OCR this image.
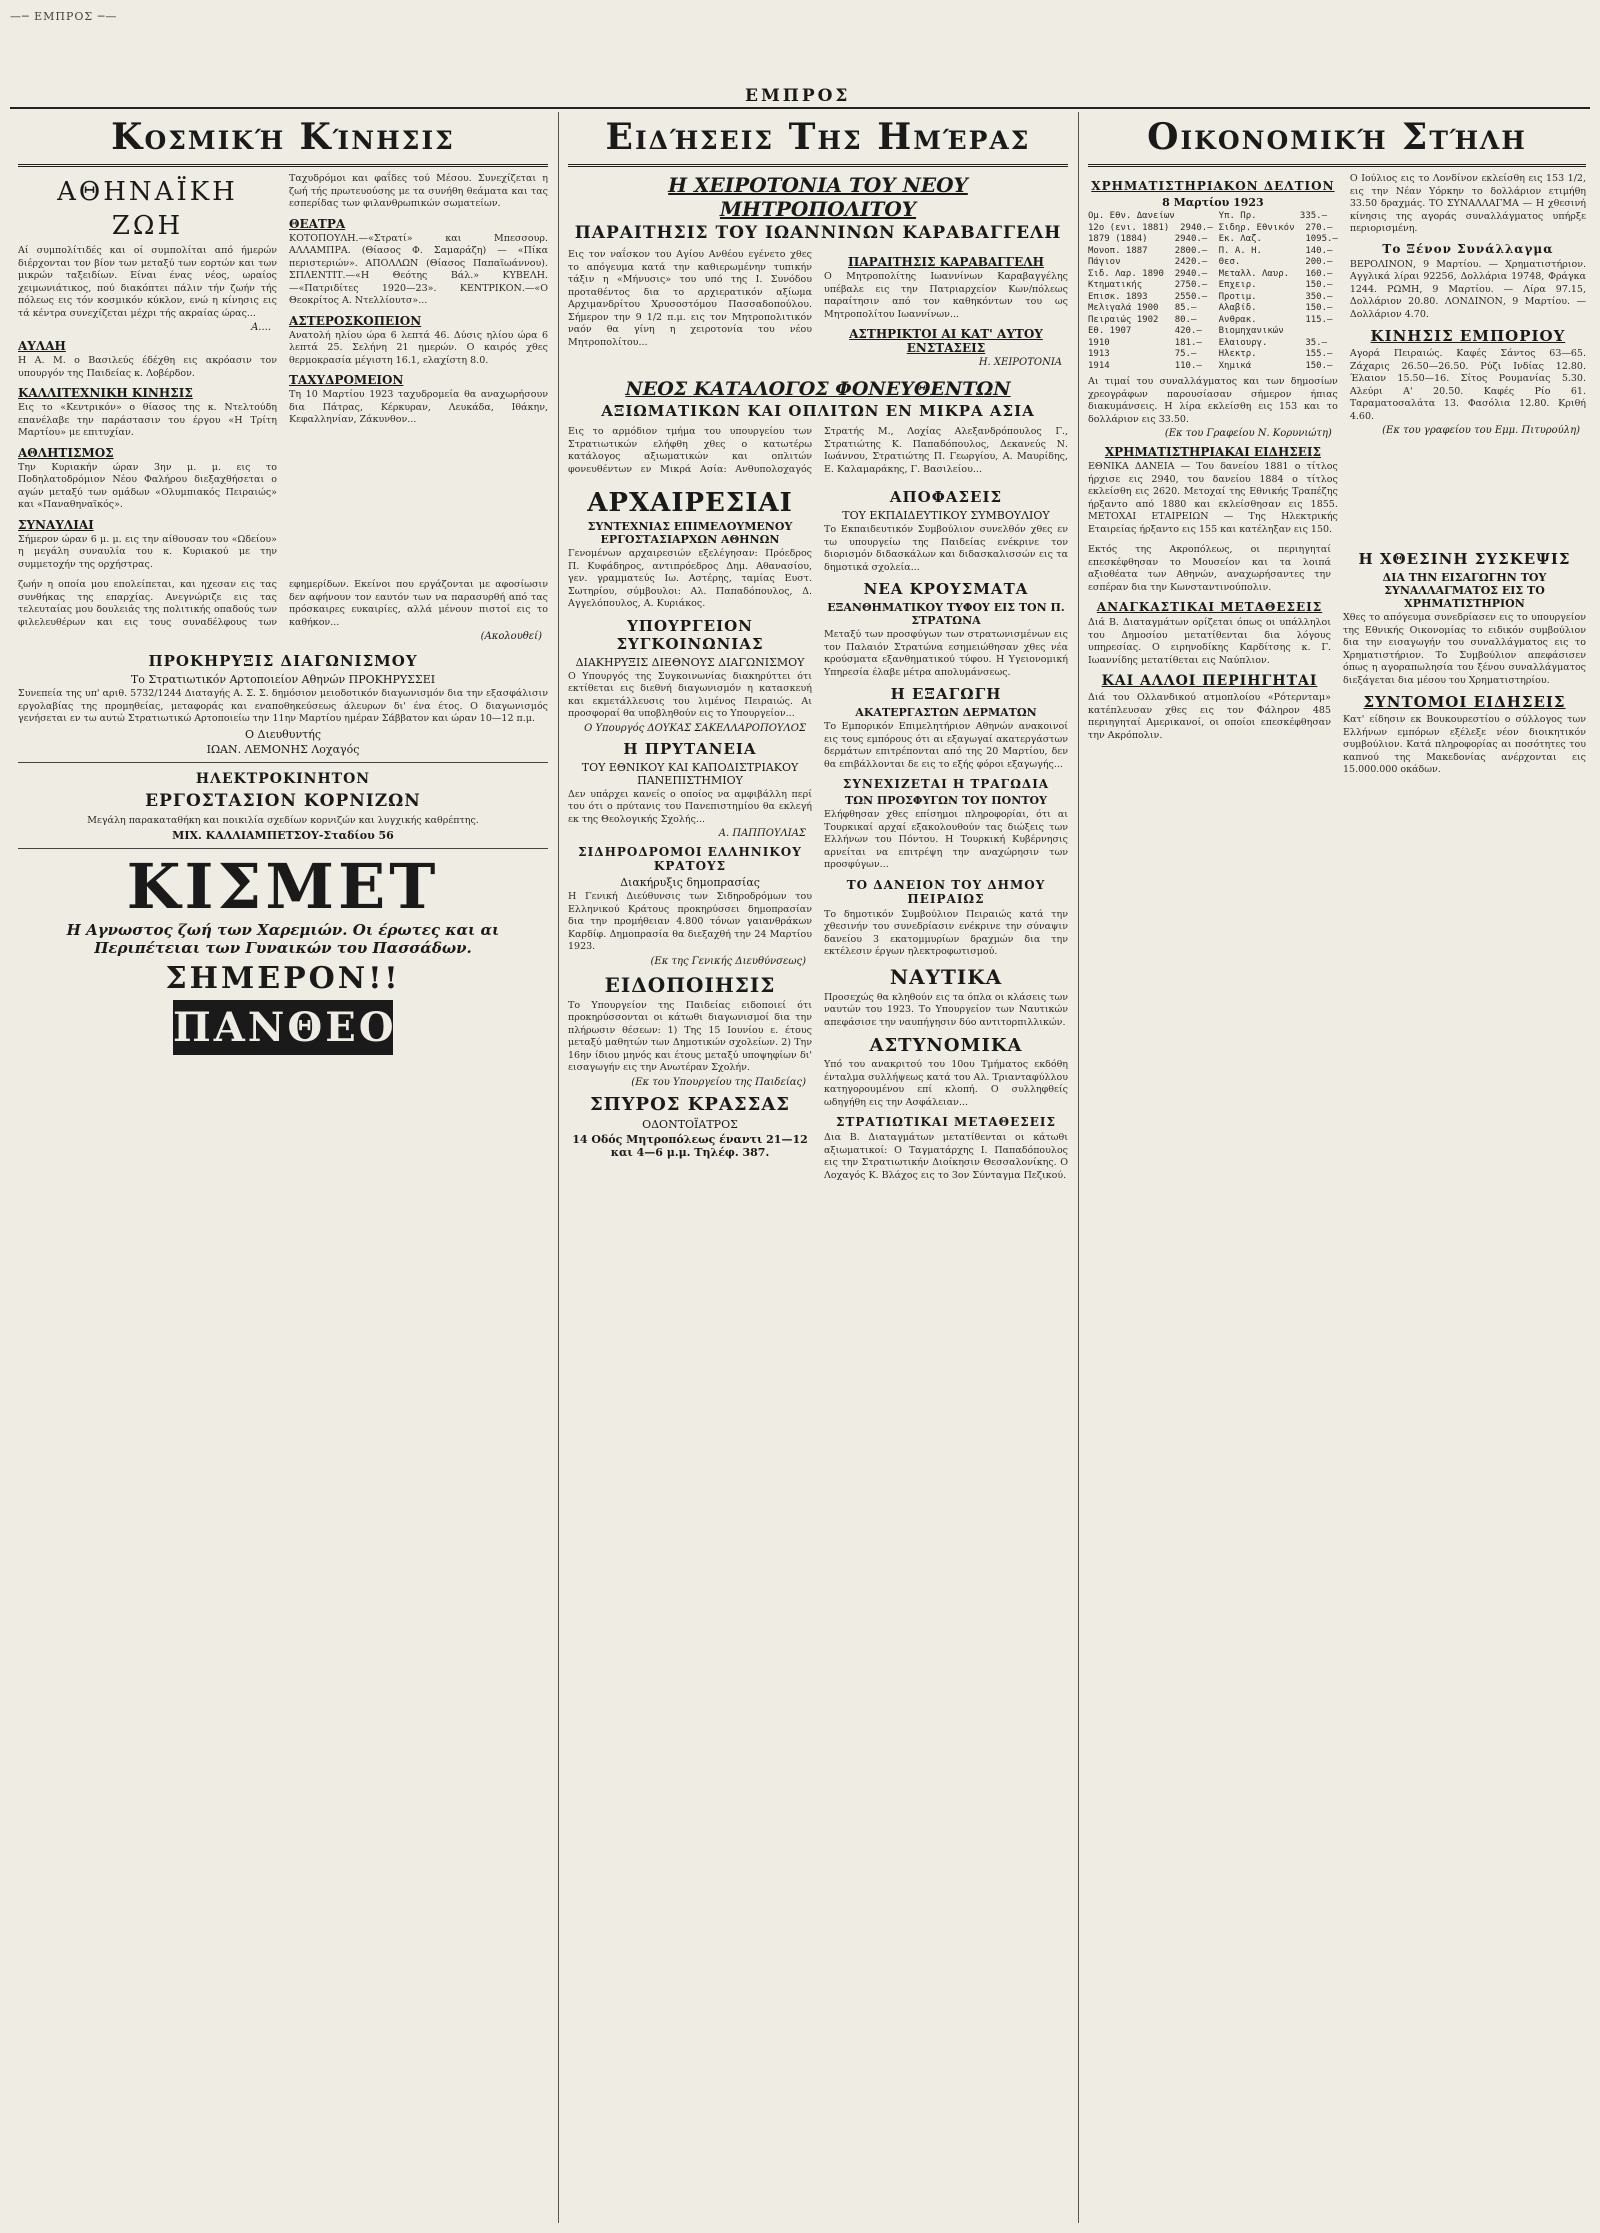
—─ ΕΜΠΡΟΣ ─—
ΕΜΠΡΟΣ
Κοσμική Κίνησις
ΑΘΗΝΑΪΚΗ
ΖΩΗ

Αί συμπολίτιδές και οί συμπολίται από ήμερών διέρχονται τον βίον των μεταξύ των εορτών και των μικρών ταξειδίων. Είναι ένας νέος, ωραίος χειμωνιάτικος, πού διακόπτει πάλιν τήν ζωήν τής πόλεως εις τόν κοσμικόν κύκλον, ενώ η κίνησις εις τά κέντρα συνεχίζεται μέχρι τής ακραίας ώρας...

Α....
ΑΥΛΑΗ

Η Α. Μ. ο Βασιλεύς έδέχθη εις ακρόασιν τον υπουργόν της Παιδείας κ. Λοβέρδον.

ΚΑΛΛΙΤΕΧΝΙΚΗ ΚΙΝΗΣΙΣ

Εις το «Κεντρικόν» ο θίασος της κ. Ντελτούδη επανέλαβε την παράστασιν του έργου «Η Τρίτη Μαρτίου» με επιτυχίαν.

ΑΘΛΗΤΙΣΜΟΣ

Την Κυριακήν ώραν 3ην μ. μ. εις το Ποδηλατοδρόμιον Νέου Φαλήρου διεξαχθήσεται ο αγών μεταξύ των ομάδων «Ολυμπιακός Πειραιώς» και «Παναθηναϊκός».

ΣΥΝΑΥΛΙΑΙ

Σήμερον ώραν 6 μ. μ. εις την αίθουσαν του «Ωδείου» η μεγάλη συναυλία του κ. Κυριακού με την συμμετοχήν της ορχήστρας.

Ταχυδρόμοι και φαΐδες τού Μέσου. Συνεχίζεται η ζωή τής πρωτευούσης με τα συνήθη θεάματα και τας εσπερίδας των φιλανθρωπικών σωματείων.

ΘΕΑΤΡΑ

ΚΟΤΟΠΟΥΛΗ.—«Στρατί» και Μπεσσουρ. ΑΛΛΑΜΠΡΑ. (Θίασος Φ. Σαμαράζη) — «Πίκα περιστεριών». ΑΠΟΛΛΩΝ (Θίασος Παπαϊωάννου). ΣΠΛΕΝΤΙΤ.—«Η Θεότης Βάλ.» ΚΥΒΕΛΗ.—«Πατριδίτες 1920—23». ΚΕΝΤΡΙΚΟΝ.—«Ο Θεοκρίτος Α. Ντελλίουτσ»...

ΑΣΤΕΡΟΣΚΟΠΕΙΟΝ

Ανατολή ηλίου ώρα 6 λεπτά 46. Δύσις ηλίου ώρα 6 λεπτά 25. Σελήνη 21 ημερών. Ο καιρός χθες θερμοκρασία μέγιστη 16.1, ελαχίστη 8.0.

ΤΑΧΥΔΡΟΜΕΙΟΝ

Τη 10 Μαρτίου 1923 ταχυδρομεία θα αναχωρήσουν δια Πάτρας, Κέρκυραν, Λευκάδα, Ιθάκην, Κεφαλληνίαν, Ζάκυνθον...

ζωήν η οποία μου επολείπεται, και ηχεσαν εις τας συνθήκας της επαρχίας. Ανεγνώριζε εις τας τελευταίας μου δουλειάς της πολιτικής οπαδούς των φιλελευθέρων και εις τους συναδέλφους των εφημερίδων. Εκείνοι που εργάζονται με αφοσίωσιν δεν αφήνουν τον εαυτόν των να παρασυρθή από τας πρόσκαιρες ευκαιρίες, αλλά μένουν πιστοί εις το καθήκον...

(Ακολουθεί)
ΠΡΟΚΗΡΥΞΙΣ ΔΙΑΓΩΝΙΣΜΟΥ
Το Στρατιωτικόν Αρτοποιείον Αθηνών ΠΡΟΚΗΡΥΣΣΕΙ

Συνεπεία της υπ' αριθ. 5732/1244 Διαταγής Α. Σ. Σ. δημόσιον μειοδοτικόν διαγωνισμόν δια την εξασφάλισιν εργολαβίας της προμηθείας, μεταφοράς και εναποθηκεύσεως άλευρων δι' ένα έτος. Ο διαγωνισμός γενήσεται εν τω αυτώ Στρατιωτικώ Αρτοποιείω την 11ην Μαρτίου ημέραν Σάββατον και ώραν 10—12 π.μ.

Ο Διευθυντής
ΙΩΑΝ. ΛΕΜΟΝΗΣ Λοχαγός
ΗΛΕΚΤΡΟΚΙΝΗΤΟΝ
ΕΡΓΟΣΤΑΣΙΟΝ ΚΟΡΝΙΖΩΝ

Μεγάλη παρακαταθήκη και ποικιλία σχεδίων κορνιζών και λυγχικής καθρέπτης.

ΜΙΧ. ΚΑΛΛΙΑΜΠΕΤΣΟΥ-Σταδίου 56
ΚΙΣΜΕΤ
Η Αγνωστος ζωή των Χαρεμιών. Οι έρωτες και αι Περιπέτειαι των Γυναικών του Πασσάδων.
ΣΗΜΕΡΟΝ!!
ΠΑΝΘΕΟΝ
Ειδήσεις Της Ημέρας
Η ΧΕΙΡΟΤΟΝΙΑ ΤΟΥ ΝΕΟΥ ΜΗΤΡΟΠΟΛΙΤΟΥ
ΠΑΡΑΙΤΗΣΙΣ ΤΟΥ ΙΩΑΝΝΙΝΩΝ ΚΑΡΑΒΑΓΓΕΛΗ

Εις τον ναΐσκον του Αγίου Ανθέου εγένετο χθες το απόγευμα κατά την καθιερωμένην τυπικήν τάξιν η «Μήνυσις» του υπό της Ι. Συνόδου προταθέντος δια το αρχιερατικόν αξίωμα Αρχιμανδρίτου Χρυσοστόμου Πασσαδοπούλου. Σήμερον την 9 1/2 π.μ. εις τον Μητροπολιτικόν ναόν θα γίνη η χειροτονία του νέου Μητροπολίτου...

ΠΑΡΑΙΤΗΣΙΣ ΚΑΡΑΒΑΓΓΕΛΗ

Ο Μητροπολίτης Ιωαννίνων Καραβαγγέλης υπέβαλε εις την Πατριαρχείον Κων/πόλεως παραίτησιν από τον καθηκόντων του ως Μητροπολίτου Ιωαννίνων...

ΑΣΤΗΡΙΚΤΟΙ ΑΙ ΚΑΤ' ΑΥΤΟΥ ΕΝΣΤΑΣΕΙΣ
Η. ΧΕΙΡΟΤΟΝΙΑ
ΝΕΟΣ ΚΑΤΑΛΟΓΟΣ ΦΟΝΕΥΘΕΝΤΩΝ
ΑΞΙΩΜΑΤΙΚΩΝ ΚΑΙ ΟΠΛΙΤΩΝ ΕΝ ΜΙΚΡΑ ΑΣΙΑ

Εις το αρμόδιον τμήμα του υπουργείου των Στρατιωτικών ελήφθη χθες ο κατωτέρω κατάλογος αξιωματικών και οπλιτών φονευθέντων εν Μικρά Ασία: Ανθυπολοχαγός Στρατής Μ., Λοχίας Αλεξανδρόπουλος Γ., Στρατιώτης Κ. Παπαδόπουλος, Δεκανεύς Ν. Ιωάννου, Στρατιώτης Π. Γεωργίου, Α. Μαυρίδης, Ε. Καλαμαράκης, Γ. Βασιλείου...

ΑΡΧΑΙΡΕΣΙΑΙ
ΣΥΝΤΕΧΝΙΑΣ ΕΠΙΜΕΛΟΥΜΕΝΟΥ ΕΡΓΟΣΤΑΣΙΑΡΧΩΝ ΑΘΗΝΩΝ

Γενομένων αρχαιρεσιών εξελέγησαν: Πρόεδρος Π. Κυφάδηρος, αντιπρόεδρος Δημ. Αθανασίου, γεν. γραμματεύς Ιω. Αστέρης, ταμίας Ευστ. Σωτηρίου, σύμβουλοι: Αλ. Παπαδόπουλος, Δ. Αγγελόπουλος, Α. Κυριάκος.

ΥΠΟΥΡΓΕΙΟΝ ΣΥΓΚΟΙΝΩΝΙΑΣ
ΔΙΑΚΗΡΥΞΙΣ ΔΙΕΘΝΟΥΣ ΔΙΑΓΩΝΙΣΜΟΥ

Ο Υπουργός της Συγκοινωνίας διακηρύττει ότι εκτίθεται εις διεθνή διαγωνισμόν η κατασκευή και εκμετάλλευσις του λιμένος Πειραιώς. Αι προσφοραί θα υποβληθούν εις το Υπουργείον...

Ο Υπουργός ΔΟΥΚΑΣ ΣΑΚΕΛΛΑΡΟΠΟΥΛΟΣ
Η ΠΡΥΤΑΝΕΙΑ
ΤΟΥ ΕΘΝΙΚΟΥ ΚΑΙ ΚΑΠΟΔΙΣΤΡΙΑΚΟΥ ΠΑΝΕΠΙΣΤΗΜΙΟΥ

Δεν υπάρχει κανείς ο οποίος να αμφιβάλλη περί του ότι ο πρύτανις του Πανεπιστημίου θα εκλεγή εκ της Θεολογικής Σχολής...

Α. ΠΑΠΠΟΥΛΙΑΣ
ΣΙΔΗΡΟΔΡΟΜΟΙ ΕΛΛΗΝΙΚΟΥ ΚΡΑΤΟΥΣ
Διακήρυξις δημοπρασίας

Η Γενική Διεύθυνσις των Σιδηροδρόμων του Ελληνικού Κράτους προκηρύσσει δημοπρασίαν δια την προμήθειαν 4.800 τόνων γαιανθράκων Καρδίφ. Δημοπρασία θα διεξαχθή την 24 Μαρτίου 1923.

(Εκ της Γενικής Διευθύνσεως)
ΕΙΔΟΠΟΙΗΣΙΣ

Το Υπουργείον της Παιδείας ειδοποιεί ότι προκηρύσσονται οι κάτωθι διαγωνισμοί δια την πλήρωσιν θέσεων: 1) Της 15 Ιουνίου ε. έτους μεταξύ μαθητών των Δημοτικών σχολείων. 2) Την 16ην ίδιου μηνός και έτους μεταξύ υποψηφίων δι' εισαγωγήν εις την Ανωτέραν Σχολήν.

(Εκ του Υπουργείου της Παιδείας)
ΣΠΥΡΟΣ ΚΡΑΣΣΑΣ
ΟΔΟΝΤΟΪΑΤΡΟΣ
14 Οδός Μητροπόλεως έναντι 21—12 και 4—6 μ.μ. Τηλέφ. 387.
ΑΠΟΦΑΣΕΙΣ
ΤΟΥ ΕΚΠΑΙΔΕΥΤΙΚΟΥ ΣΥΜΒΟΥΛΙΟΥ

Το Εκπαιδευτικόν Συμβούλιον συνελθόν χθες εν τω υπουργείω της Παιδείας ενέκρινε τον διορισμόν διδασκάλων και διδασκαλισσών εις τα δημοτικά σχολεία...

ΝΕΑ ΚΡΟΥΣΜΑΤΑ
ΕΞΑΝΘΗΜΑΤΙΚΟΥ ΤΥΦΟΥ ΕΙΣ ΤΟΝ Π. ΣΤΡΑΤΩΝΑ

Μεταξύ των προσφύγων των στρατωνισμένων εις τον Παλαιόν Στρατώνα εσημειώθησαν χθες νέα κρούσματα εξανθηματικού τύφου. Η Υγειονομική Υπηρεσία έλαβε μέτρα απολυμάνσεως.

Η ΕΞΑΓΩΓΗ
ΑΚΑΤΕΡΓΑΣΤΩΝ ΔΕΡΜΑΤΩΝ

Το Εμπορικόν Επιμελητήριον Αθηνών ανακοινοί εις τους εμπόρους ότι αι εξαγωγαί ακατεργάστων δερμάτων επιτρέπονται από της 20 Μαρτίου, δεν θα επιβάλλονται δε εις το εξής φόροι εξαγωγής...

ΣΥΝΕΧΙΖΕΤΑΙ Η ΤΡΑΓΩΔΙΑ
ΤΩΝ ΠΡΟΣΦΥΓΩΝ ΤΟΥ ΠΟΝΤΟΥ

Ελήφθησαν χθες επίσημοι πληροφορίαι, ότι αι Τουρκικαί αρχαί εξακολουθούν τας διώξεις των Ελλήνων του Πόντου. Η Τουρκική Κυβέρνησις αρνείται να επιτρέψη την αναχώρησιν των προσφύγων...

ΤΟ ΔΑΝΕΙΟΝ ΤΟΥ ΔΗΜΟΥ ΠΕΙΡΑΙΩΣ

Το δημοτικόν Συμβούλιον Πειραιώς κατά την χθεσινήν του συνεδρίασιν ενέκρινε την σύναψιν δανείου 3 εκατομμυρίων δραχμών δια την εκτέλεσιν έργων ηλεκτροφωτισμού.

ΝΑΥΤΙΚΑ

Προσεχώς θα κληθούν εις τα όπλα οι κλάσεις των ναυτών του 1923. Το Υπουργείον των Ναυτικών απεφάσισε την ναυπήγησιν δύο αντιτορπιλλικών.

ΑΣΤΥΝΟΜΙΚΑ

Υπό του ανακριτού του 10ου Τμήματος εκδόθη ένταλμα συλλήψεως κατά του Αλ. Τριανταφύλλου κατηγορουμένου επί κλοπή. Ο συλληφθείς ωδηγήθη εις την Ασφάλειαν...

ΣΤΡΑΤΙΩΤΙΚΑΙ ΜΕΤΑΘΕΣΕΙΣ

Δια Β. Διαταγμάτων μετατίθενται οι κάτωθι αξιωματικοί: Ο Ταγματάρχης Ι. Παπαδόπουλος εις την Στρατιωτικήν Διοίκησιν Θεσσαλονίκης. Ο Λοχαγός Κ. Βλάχος εις το 3ον Σύνταγμα Πεζικού.

Οικονομική Στήλη
ΧΡΗΜΑΤΙΣΤΗΡΙΑΚΟΝ ΔΕΛΤΙΟΝ
8 Μαρτίου 1923
Ομ. Εθν. Δανείων
12ο (ενι. 1881)  2940.—
1879 (1884)     2940.—
Μονοπ. 1887     2800.—
Πάγιον          2420.—
Σιδ. Λαρ. 1890  2940.—
Κτηματικής      2750.—
Επισκ. 1893     2550.—
Μελιγαλά 1900   85.—
Πειραιώς 1902   80.—
Εθ. 1907        420.—
1910            181.—
1913            75.—
1914            110.—
Υπ. Πρ.        335.—
Σιδηρ. Εθνικόν  270.—
Εκ. Λαζ.        1095.—
Π. Α. Η.        140.—
Θεσ.            200.—
Μεταλλ. Λαυρ.   160.—
Επχειρ.         150.—
Προτιμ.         350.—
Αλαβίδ.         150.—
Ανθρακ.         115.—
Βιομηχανικών
Ελαιουργ.       35.—
Ηλεκτρ.         155.—
Χημικά          150.—

Αι τιμαί του συναλλάγματος και των δημοσίων χρεογράφων παρουσίασαν σήμερον ήπιας διακυμάνσεις. Η λίρα εκλείσθη εις 153 και το δολλάριον εις 33.50.

(Εκ του Γραφείου Ν. Κορυνιώτη)
ΧΡΗΜΑΤΙΣΤΗΡΙΑΚΑΙ ΕΙΔΗΣΕΙΣ

ΕΘΝΙΚΑ ΔΑΝΕΙΑ — Του δανείου 1881 ο τίτλος ήρχισε εις 2940, του δανείου 1884 ο τίτλος εκλείσθη εις 2620. Μετοχαί της Εθνικής Τραπέζης ήρξαντο από 1880 και εκλείσθησαν εις 1855. ΜΕΤΟΧΑΙ ΕΤΑΙΡΕΙΩΝ — Της Ηλεκτρικής Εταιρείας ήρξαντο εις 155 και κατέληξαν εις 150.

Ο Ιούλιος εις το Λονδίνον εκλείσθη εις 153 1/2, εις την Νέαν Υόρκην το δολλάριον ετιμήθη 33.50 δραχμάς. ΤΟ ΣΥΝΑΛΛΑΓΜΑ — Η χθεσινή κίνησις της αγοράς συναλλάγματος υπήρξε περιορισμένη.

Το Ξένον Συνάλλαγμα

ΒΕΡΟΛΙΝΟΝ, 9 Μαρτίου. — Χρηματιστήριον. Αγγλικά λίραι 92256, Δολλάρια 19748, Φράγκα 1244. ΡΩΜΗ, 9 Μαρτίου. — Λίρα 97.15, Δολλάριον 20.80. ΛΟΝΔΙΝΟΝ, 9 Μαρτίου. — Δολλάριον 4.70.

ΚΙΝΗΣΙΣ ΕΜΠΟΡΙΟΥ

Αγορά Πειραιώς. Καφές Σάντος 63—65. Ζάχαρις 26.50—26.50. Ρύζι Ινδίας 12.80. Έλαιον 15.50—16. Σίτος Ρουμανίας 5.30. Αλεύρι Α' 20.50. Καφές Ρίο 61. Ταραματοσαλάτα 13. Φασόλια 12.80. Κριθή 4.60.

(Εκ του γραφείου του Εμμ. Πιτυρούλη)

Εκτός της Ακροπόλεως, οι περιηγηταί επεσκέφθησαν το Μουσείον και τα λοιπά αξιοθέατα των Αθηνών, αναχωρήσαντες την εσπέραν δια την Κωνσταντινούπολιν.

ΑΝΑΓΚΑΣΤΙΚΑΙ ΜΕΤΑΘΕΣΕΙΣ

Διά Β. Διαταγμάτων ορίζεται όπως οι υπάλληλοι του Δημοσίου μετατίθενται δια λόγους υπηρεσίας. Ο ειρηνοδίκης Καρδίτσης κ. Γ. Ιωαννίδης μετατίθεται εις Ναύπλιον.

ΚΑΙ ΑΛΛΟΙ ΠΕΡΙΗΓΗΤΑΙ

Διά του Ολλανδικού ατμοπλοίου «Ρότερνταμ» κατέπλευσαν χθες εις τον Φάληρον 485 περιηγηταί Αμερικανοί, οι οποίοι επεσκέφθησαν την Ακρόπολιν.

Η ΧΘΕΣΙΝΗ ΣΥΣΚΕΨΙΣ
ΔΙΑ ΤΗΝ ΕΙΣΑΓΩΓΗΝ ΤΟΥ ΣΥΝΑΛΛΑΓΜΑΤΟΣ ΕΙΣ ΤΟ ΧΡΗΜΑΤΙΣΤΗΡΙΟΝ

Χθες το απόγευμα συνεδρίασεν εις το υπουργείον της Εθνικής Οικονομίας το ειδικόν συμβούλιον δια την εισαγωγήν του συναλλάγματος εις το Χρηματιστήριον. Το Συμβούλιον απεφάσισεν όπως η αγοραπωλησία του ξένου συναλλάγματος διεξάγεται δια μέσου του Χρηματιστηρίου.

ΣΥΝΤΟΜΟΙ ΕΙΔΗΣΕΙΣ

Κατ' είδησιν εκ Βουκουρεστίου ο σύλλογος των Ελλήνων εμπόρων εξέλεξε νέον διοικητικόν συμβούλιον. Κατά πληροφορίας αι ποσότητες του καπνού της Μακεδονίας ανέρχονται εις 15.000.000 οκάδων.
